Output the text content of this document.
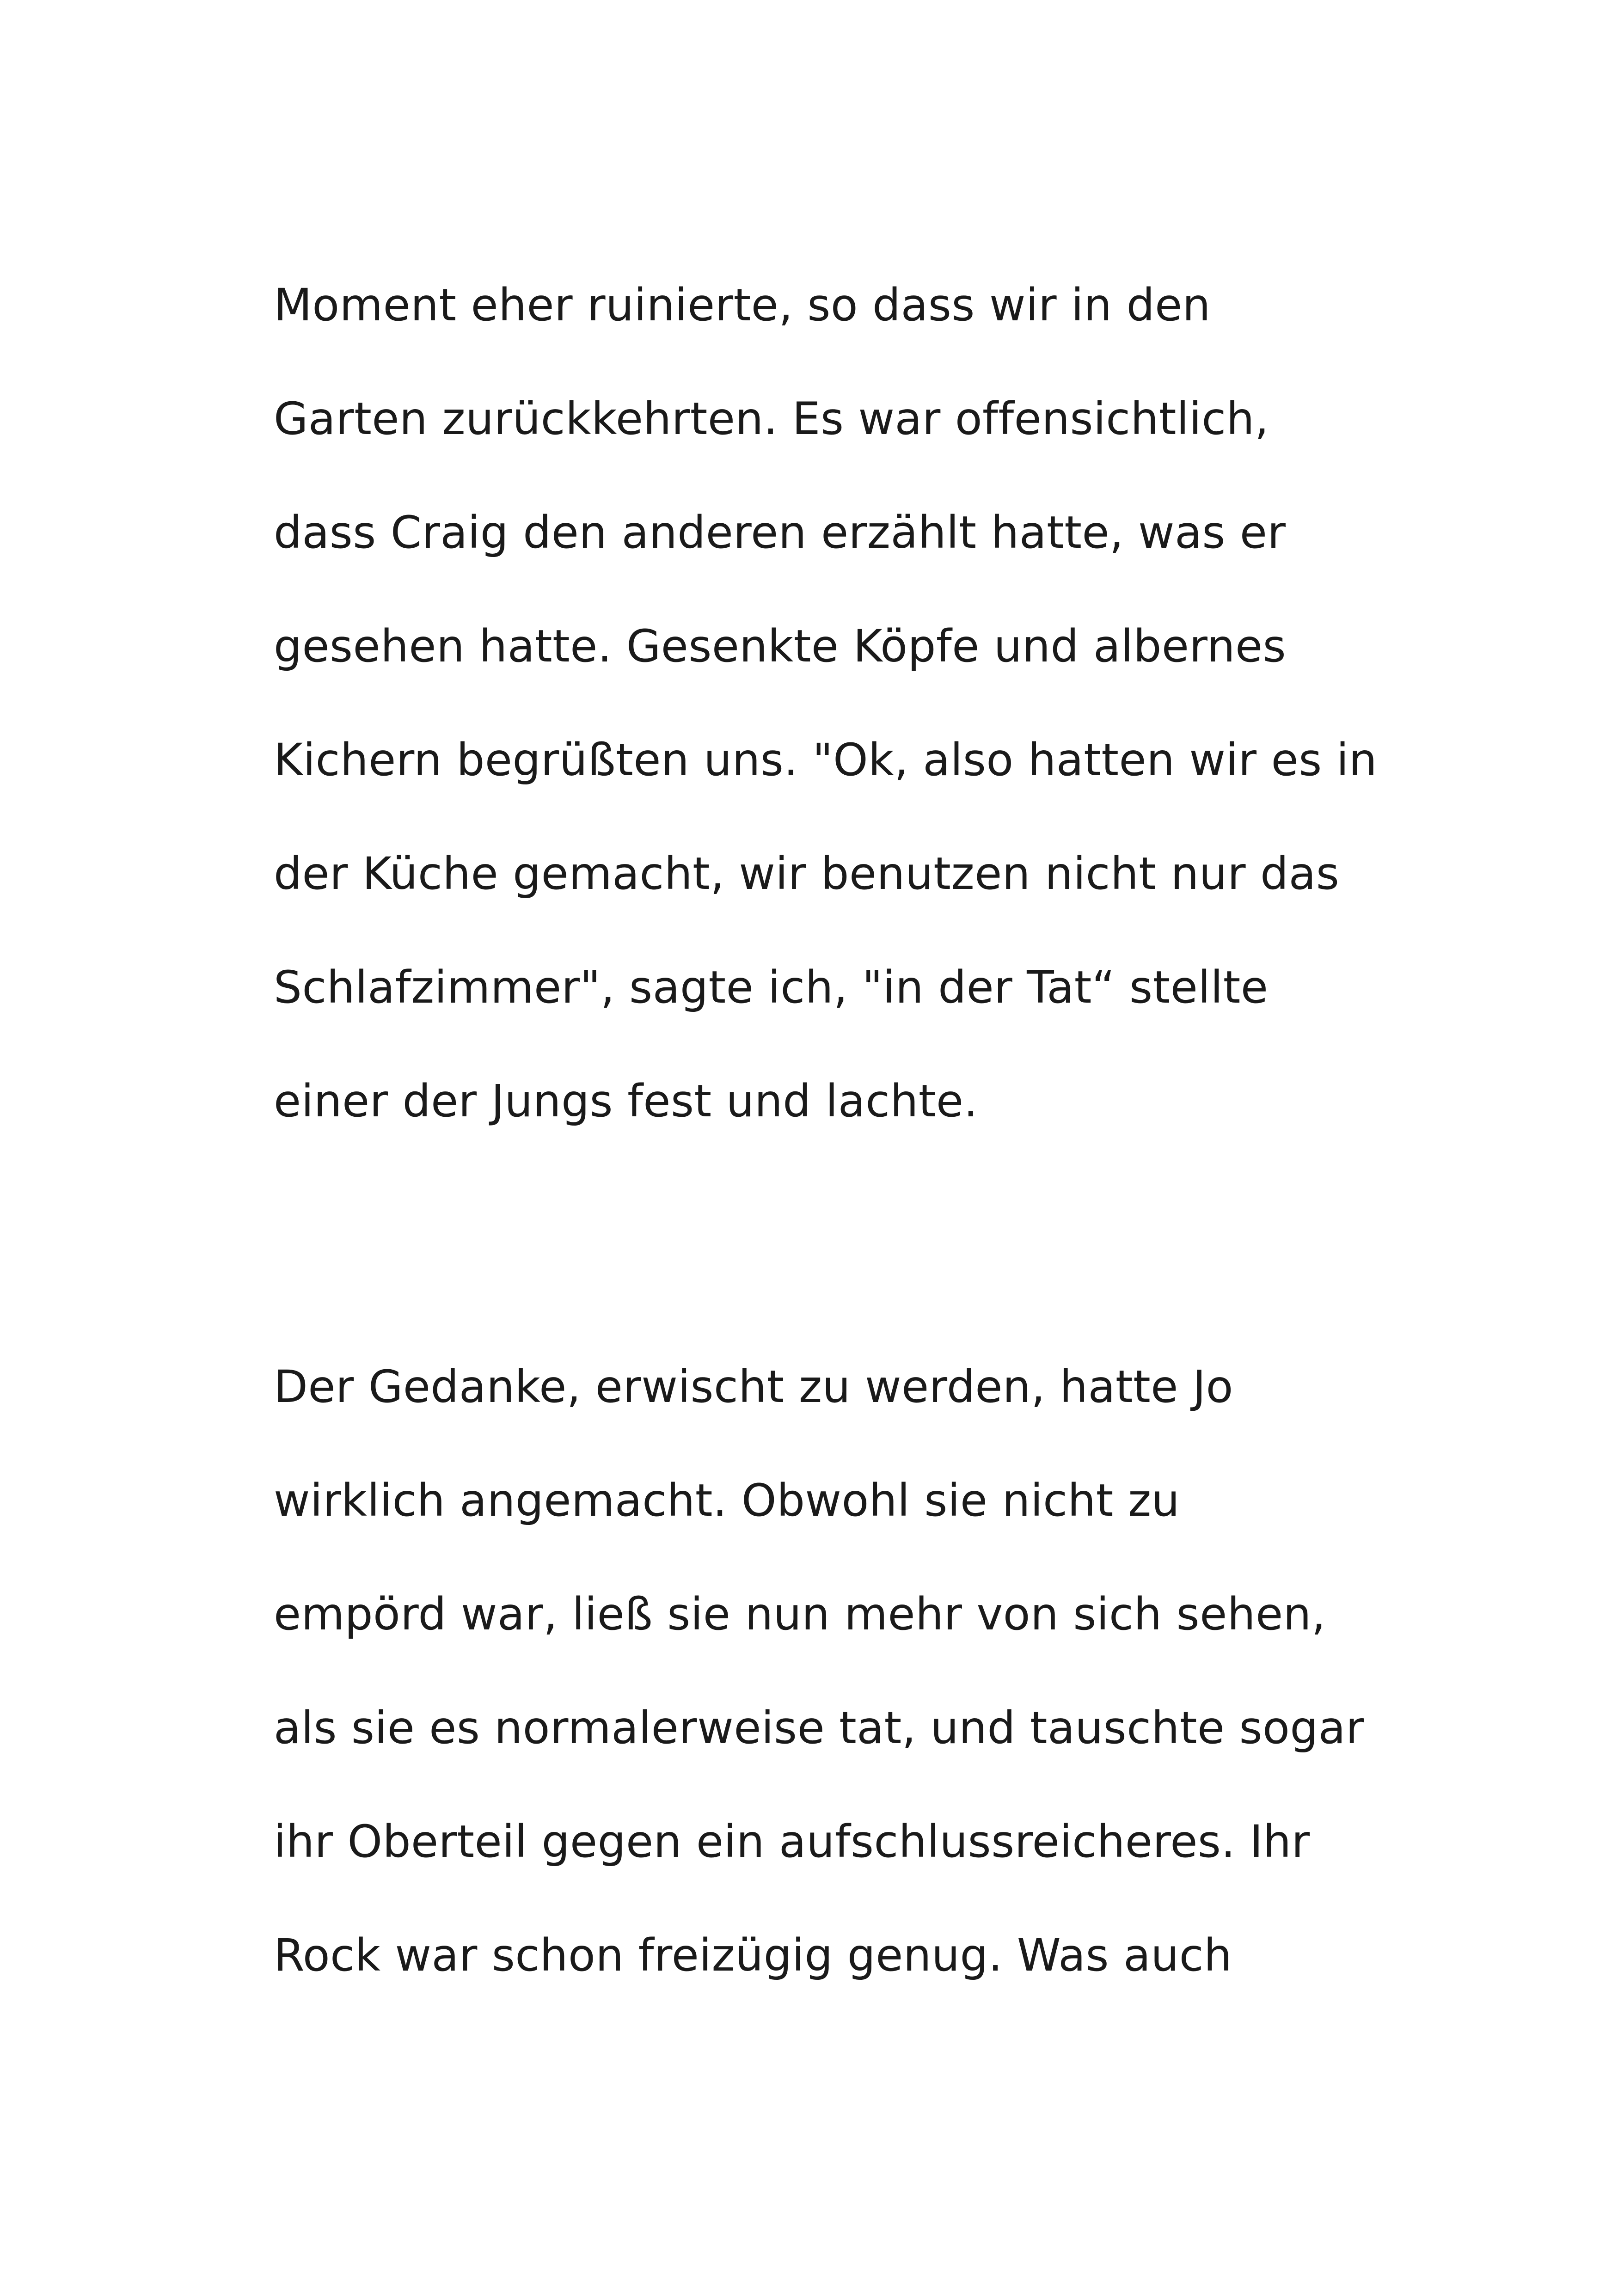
Moment eher ruinierte, so dass wir in den
Garten zurückkehrten. Es war offensichtlich,
dass Craig den anderen erzählt hatte, was er
gesehen hatte. Gesenkte Köpfe und albernes
Kichern begrüßten uns. "Ok, also hatten wir es in
der Küche gemacht, wir benutzen nicht nur das
Schlafzimmer", sagte ich, "in der Tat“ stellte
einer der Jungs fest und lachte.
Der Gedanke, erwischt zu werden, hatte Jo
wirklich angemacht. Obwohl sie nicht zu
empörd war, ließ sie nun mehr von sich sehen,
als sie es normalerweise tat, und tauschte sogar
ihr Oberteil gegen ein aufschlussreicheres. Ihr
Rock war schon freizügig genug. Was auch
